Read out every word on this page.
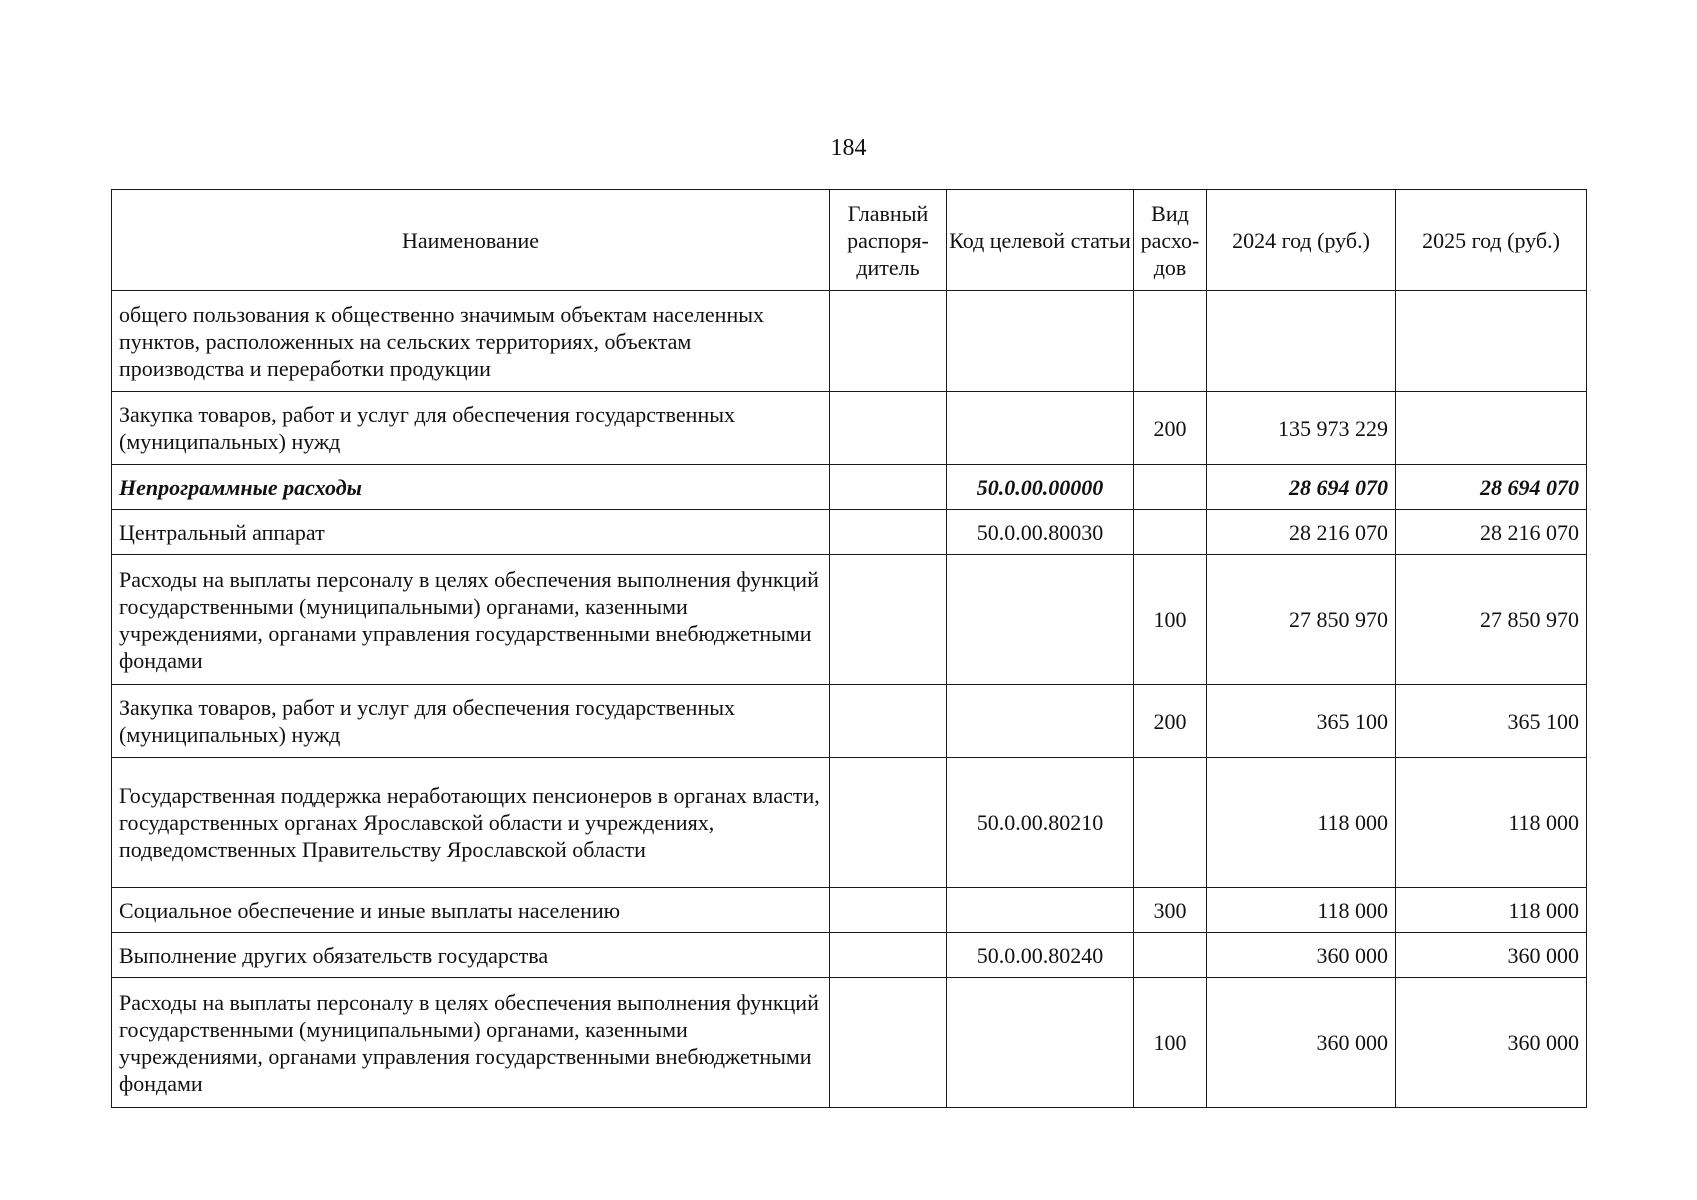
184
Наименование	Главный распоря-дитель	Код целевой статьи	Вид расхо-дов	2024 год (руб.)	2025 год (руб.)
общего пользования к общественно значимым объектам населенных пунктов, расположенных на сельских территориях, объектам производства и переработки продукции					
Закупка товаров, работ и услуг для обеспечения государственных (муниципальных) нужд			200	135 973 229	
Непрограммные расходы		50.0.00.00000		28 694 070	28 694 070
Центральный аппарат		50.0.00.80030		28 216 070	28 216 070
Расходы на выплаты персоналу в целях обеспечения выполнения функций государственными (муниципальными) органами, казенными учреждениями, органами управления государственными внебюджетными фондами			100	27 850 970	27 850 970
Закупка товаров, работ и услуг для обеспечения государственных (муниципальных) нужд			200	365 100	365 100
Государственная поддержка неработающих пенсионеров в органах власти, государственных органах Ярославской области и учреждениях, подведомственных Правительству Ярославской области		50.0.00.80210		118 000	118 000
Социальное обеспечение и иные выплаты населению			300	118 000	118 000
Выполнение других обязательств государства		50.0.00.80240		360 000	360 000
Расходы на выплаты персоналу в целях обеспечения выполнения функций государственными (муниципальными) органами, казенными учреждениями, органами управления государственными внебюджетными фондами			100	360 000	360 000
